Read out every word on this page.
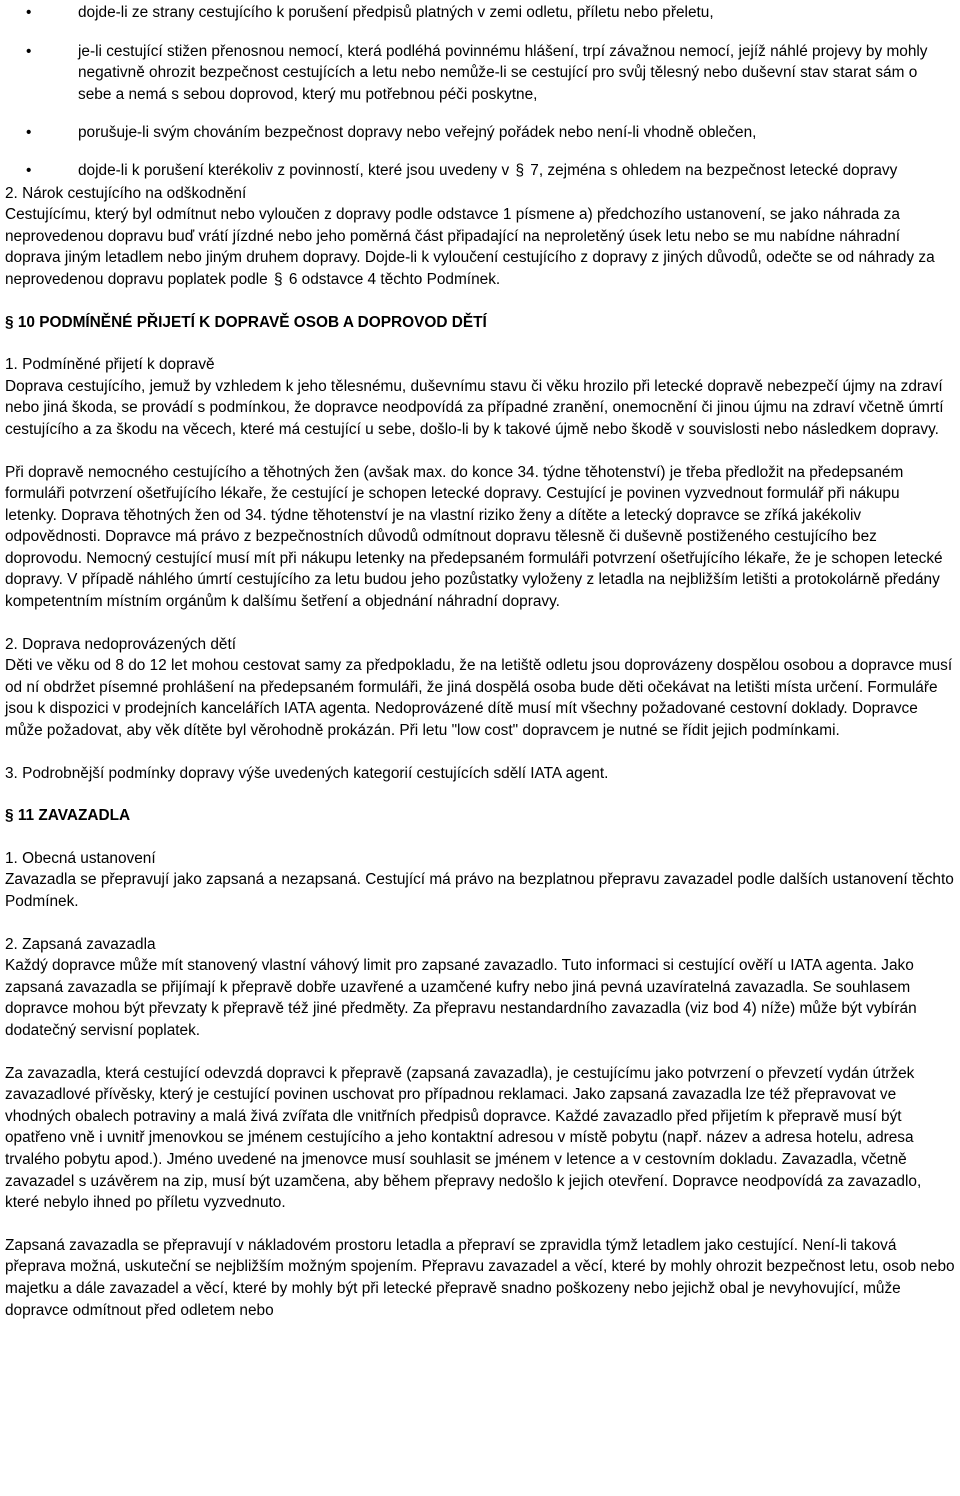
•	dojde-li ze strany cestujícího k porušení předpisů platných v zemi odletu, příletu nebo přeletu,
•	je-li cestující stižen přenosnou nemocí, která podléhá povinnému hlášení, trpí závažnou nemocí, jejíž náhlé projevy by mohly negativně ohrozit bezpečnost cestujících a letu nebo nemůže-li se cestující pro svůj tělesný nebo duševní stav starat sám o sebe a nemá s sebou doprovod, který mu potřebnou péči poskytne,
•	porušuje-li svým chováním bezpečnost dopravy nebo veřejný pořádek nebo není-li vhodně oblečen,
•	dojde-li k porušení kterékoliv z povinností, které jsou uvedeny v § 7, zejména s ohledem na bezpečnost letecké dopravy

2. Nárok cestujícího na odškodnění

Cestujícímu, který byl odmítnut nebo vyloučen z dopravy podle odstavce 1 písmene a) předchozího ustanovení, se jako náhrada za neprovedenou dopravu buď vrátí jízdné nebo jeho poměrná část připadající na neproletěný úsek letu nebo se mu nabídne náhradní doprava jiným letadlem nebo jiným druhem dopravy. Dojde-li k vyloučení cestujícího z dopravy z jiných důvodů, odečte se od náhrady za neprovedenou dopravu poplatek podle § 6 odstavce 4 těchto Podmínek.

§ 10 PODMÍNĚNÉ PŘIJETÍ K DOPRAVĚ OSOB A DOPROVOD DĚTÍ

1. Podmíněné přijetí k dopravě

Doprava cestujícího, jemuž by vzhledem k jeho tělesnému, duševnímu stavu či věku hrozilo při letecké dopravě nebezpečí újmy na zdraví nebo jiná škoda, se provádí s podmínkou, že dopravce neodpovídá za případné zranění, onemocnění či jinou újmu na zdraví včetně úmrtí cestujícího a za škodu na věcech, které má cestující u sebe, došlo-li by k takové újmě nebo škodě v souvislosti nebo následkem dopravy.

Při dopravě nemocného cestujícího a těhotných žen (avšak max. do konce 34. týdne těhotenství) je třeba předložit na předepsaném formuláři potvrzení ošetřujícího lékaře, že cestující je schopen letecké dopravy. Cestující je povinen vyzvednout formulář při nákupu letenky. Doprava těhotných žen od 34. týdne těhotenství je na vlastní riziko ženy a dítěte a letecký dopravce se zříká jakékoliv odpovědnosti. Dopravce má právo z bezpečnostních důvodů odmítnout dopravu tělesně či duševně postiženého cestujícího bez doprovodu. Nemocný cestující musí mít při nákupu letenky na předepsaném formuláři potvrzení ošetřujícího lékaře, že je schopen letecké dopravy. V případě náhlého úmrtí cestujícího za letu budou jeho pozůstatky vyloženy z letadla na nejbližším letišti a protokolárně předány kompetentním místním orgánům k dalšímu šetření a objednání náhradní dopravy.

2. Doprava nedoprovázených dětí

Děti ve věku od 8 do 12 let mohou cestovat samy za předpokladu, že na letiště odletu jsou doprovázeny dospělou osobou a dopravce musí od ní obdržet písemné prohlášení na předepsaném formuláři, že jiná dospělá osoba bude děti očekávat na letišti místa určení. Formuláře jsou k dispozici v prodejních kancelářích IATA agenta. Nedoprovázené dítě musí mít všechny požadované cestovní doklady. Dopravce může požadovat, aby věk dítěte byl věrohodně prokázán. Při letu "low cost" dopravcem je nutné se řídit jejich podmínkami.

3. Podrobnější podmínky dopravy výše uvedených kategorií cestujících sdělí IATA agent.

§ 11 ZAVAZADLA

1. Obecná ustanovení

Zavazadla se přepravují jako zapsaná a nezapsaná. Cestující má právo na bezplatnou přepravu zavazadel podle dalších ustanovení těchto Podmínek.

2. Zapsaná zavazadla

Každý dopravce může mít stanovený vlastní váhový limit pro zapsané zavazadlo. Tuto informaci si cestující ověří u IATA agenta. Jako zapsaná zavazadla se přijímají k přepravě dobře uzavřené a uzamčené kufry nebo jiná pevná uzavíratelná zavazadla. Se souhlasem dopravce mohou být převzaty k přepravě též jiné předměty. Za přepravu nestandardního zavazadla (viz bod 4) níže) může být vybírán dodatečný servisní poplatek.

Za zavazadla, která cestující odevzdá dopravci k přepravě (zapsaná zavazadla), je cestujícímu jako potvrzení o převzetí vydán útržek zavazadlové přívěsky, který je cestující povinen uschovat pro případnou reklamaci. Jako zapsaná zavazadla lze též přepravovat ve vhodných obalech potraviny a malá živá zvířata dle vnitřních předpisů dopravce. Každé zavazadlo před přijetím k přepravě musí být opatřeno vně i uvnitř jmenovkou se jménem cestujícího a jeho kontaktní adresou v místě pobytu (např. název a adresa hotelu, adresa trvalého pobytu apod.). Jméno uvedené na jmenovce musí souhlasit se jménem v letence a v cestovním dokladu. Zavazadla, včetně zavazadel s uzávěrem na zip, musí být uzamčena, aby během přepravy nedošlo k jejich otevření. Dopravce neodpovídá za zavazadlo, které nebylo ihned po příletu vyzvednuto.

Zapsaná zavazadla se přepravují v nákladovém prostoru letadla a přepraví se zpravidla týmž letadlem jako cestující. Není-li taková přeprava možná, uskuteční se nejbližším možným spojením. Přepravu zavazadel a věcí, které by mohly ohrozit bezpečnost letu, osob nebo majetku a dále zavazadel a věcí, které by mohly být při letecké přepravě snadno poškozeny nebo jejichž obal je nevyhovující, může dopravce odmítnout před odletem nebo
